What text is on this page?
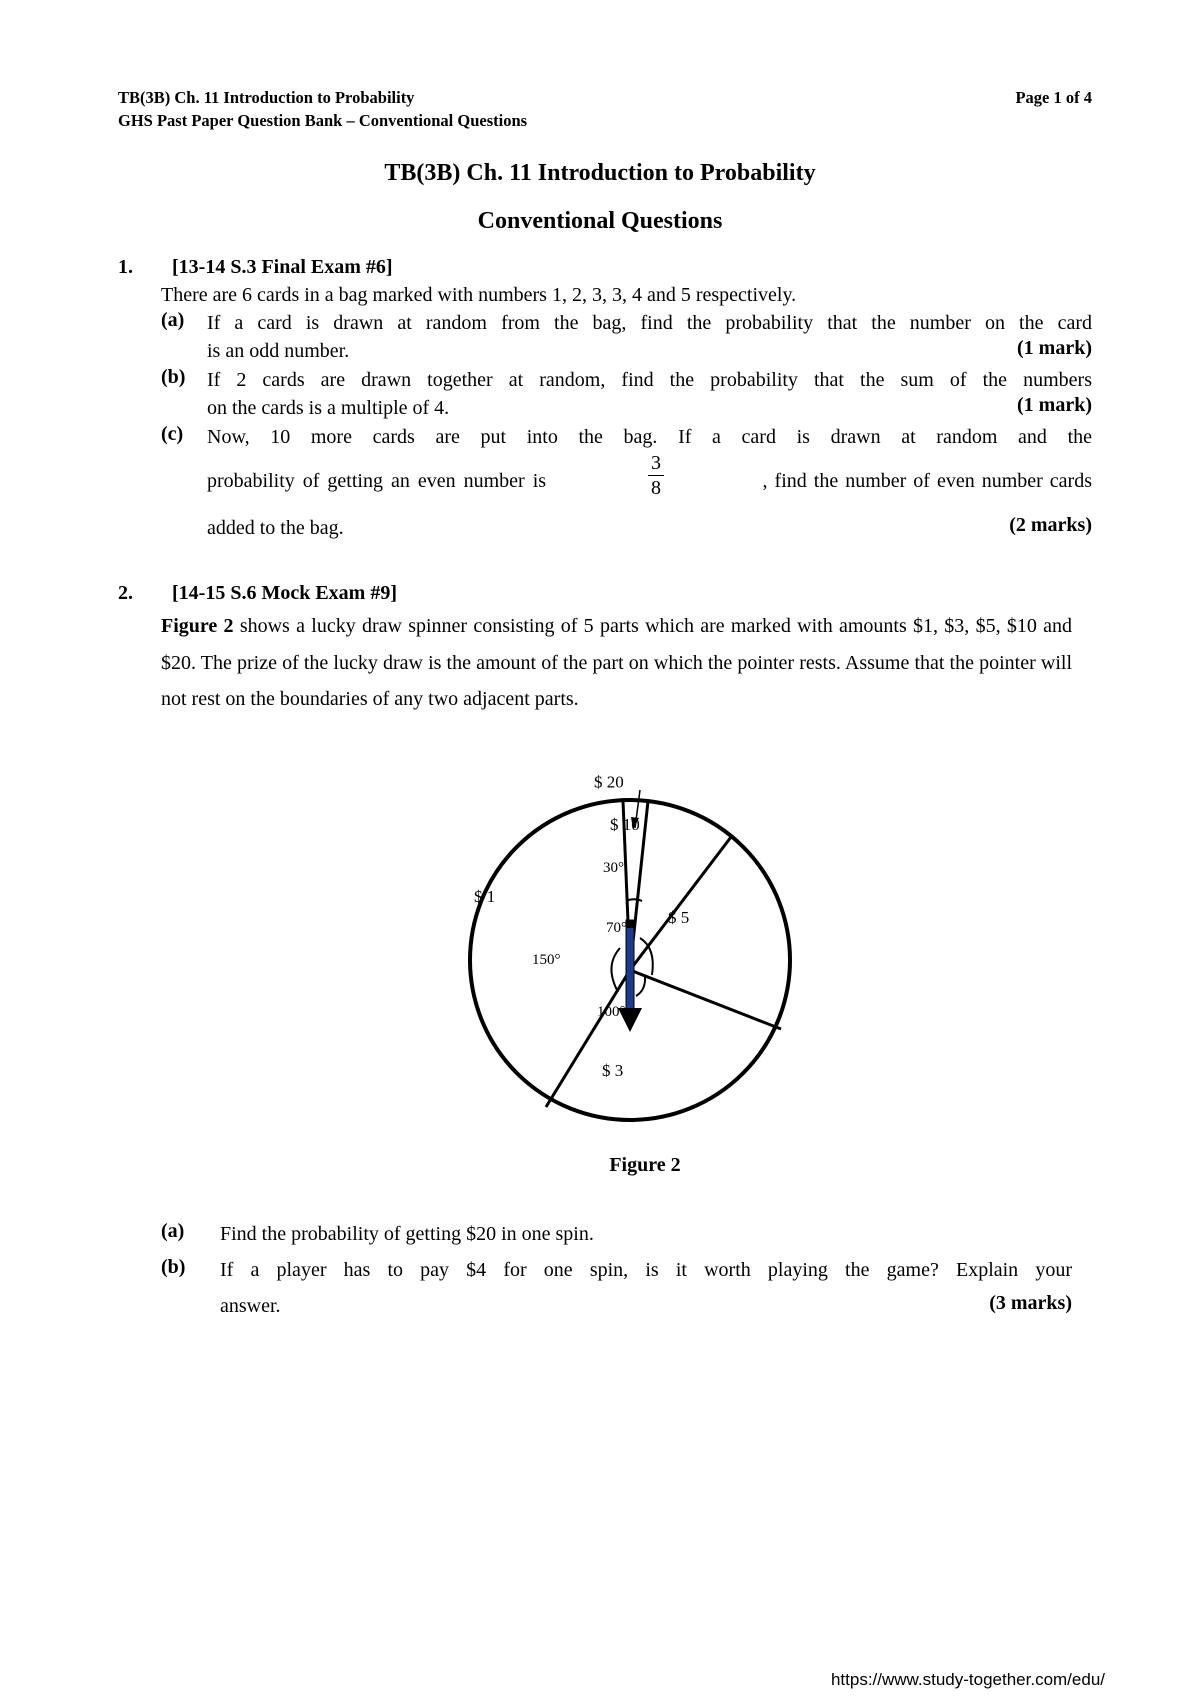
TB(3B) Ch. 11 Introduction to Probability
GHS Past Paper Question Bank – Conventional Questions
Page 1 of 4
TB(3B) Ch. 11 Introduction to Probability
Conventional Questions
1. [13-14 S.3 Final Exam #6]
There are 6 cards in a bag marked with numbers 1, 2, 3, 3, 4 and 5 respectively.
(a) If a card is drawn at random from the bag, find the probability that the number on the card
is an odd number.	(1 mark)
(b) If 2 cards are drawn together at random, find the probability that the sum of the numbers
on the cards is a multiple of 4.	(1 mark)
(c) Now, 10 more cards are put into the bag. If a card is drawn at random and the
probability of getting an even number is
3
8	, find the number of even number cards
added to the bag.	(2 marks)
2. [14-15 S.6 Mock Exam #9]
Figure 2 shows a lucky draw spinner consisting of 5 parts which are marked with amounts $1, $3, $5, $10 and $20. The prize of the lucky draw is the amount of the part on which the pointer rests. Assume that the pointer will not rest on the boundaries of any two adjacent parts.
$ 20
$ 10
$ 5
$ 3
$ 1
30°
70°
100°
150°
Figure 2
(a) Find the probability of getting $20 in one spin.
(b) If a player has to pay $4 for one spin, is it worth playing the game? Explain your
answer.	(3 marks)
https://www.study-together.com/edu/
